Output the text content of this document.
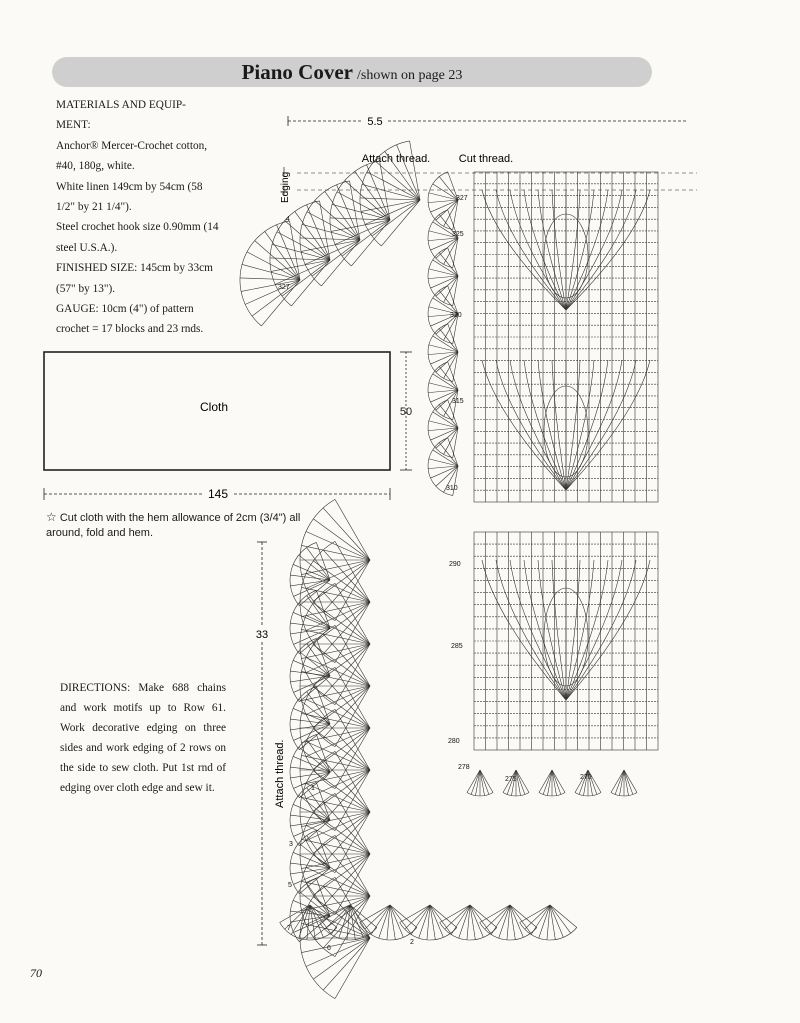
Piano Cover /shown on page 23

MATERIALS AND EQUIP-MENT:

Anchor® Mercer-Crochet cotton, #40, 180g, white.

White linen 149cm by 54cm (58 1/2" by 21 1/4").

Steel crochet hook size 0.90mm (14 steel U.S.A.).

FINISHED SIZE: 145cm by 33cm (57" by 13").

GAUGE: 10cm (4") of pattern crochet = 17 blocks and 23 rnds.

Cloth	50
145
5.5
33
Attach thread.	Cut thread.
Edging
Attach thread.
327
325
320
315
310
290
285
280
278
275	270
327
1
2
3
4
5
6
7
☆ Cut cloth with the hem allowance of 2cm (3/4") all around, fold and hem.
DIRECTIONS: Make 688 chains and work motifs up to Row 61. Work decorative edging on three sides and work edging of 2 rows on the side to sew cloth. Put 1st rnd of edging over cloth edge and sew it.
70
